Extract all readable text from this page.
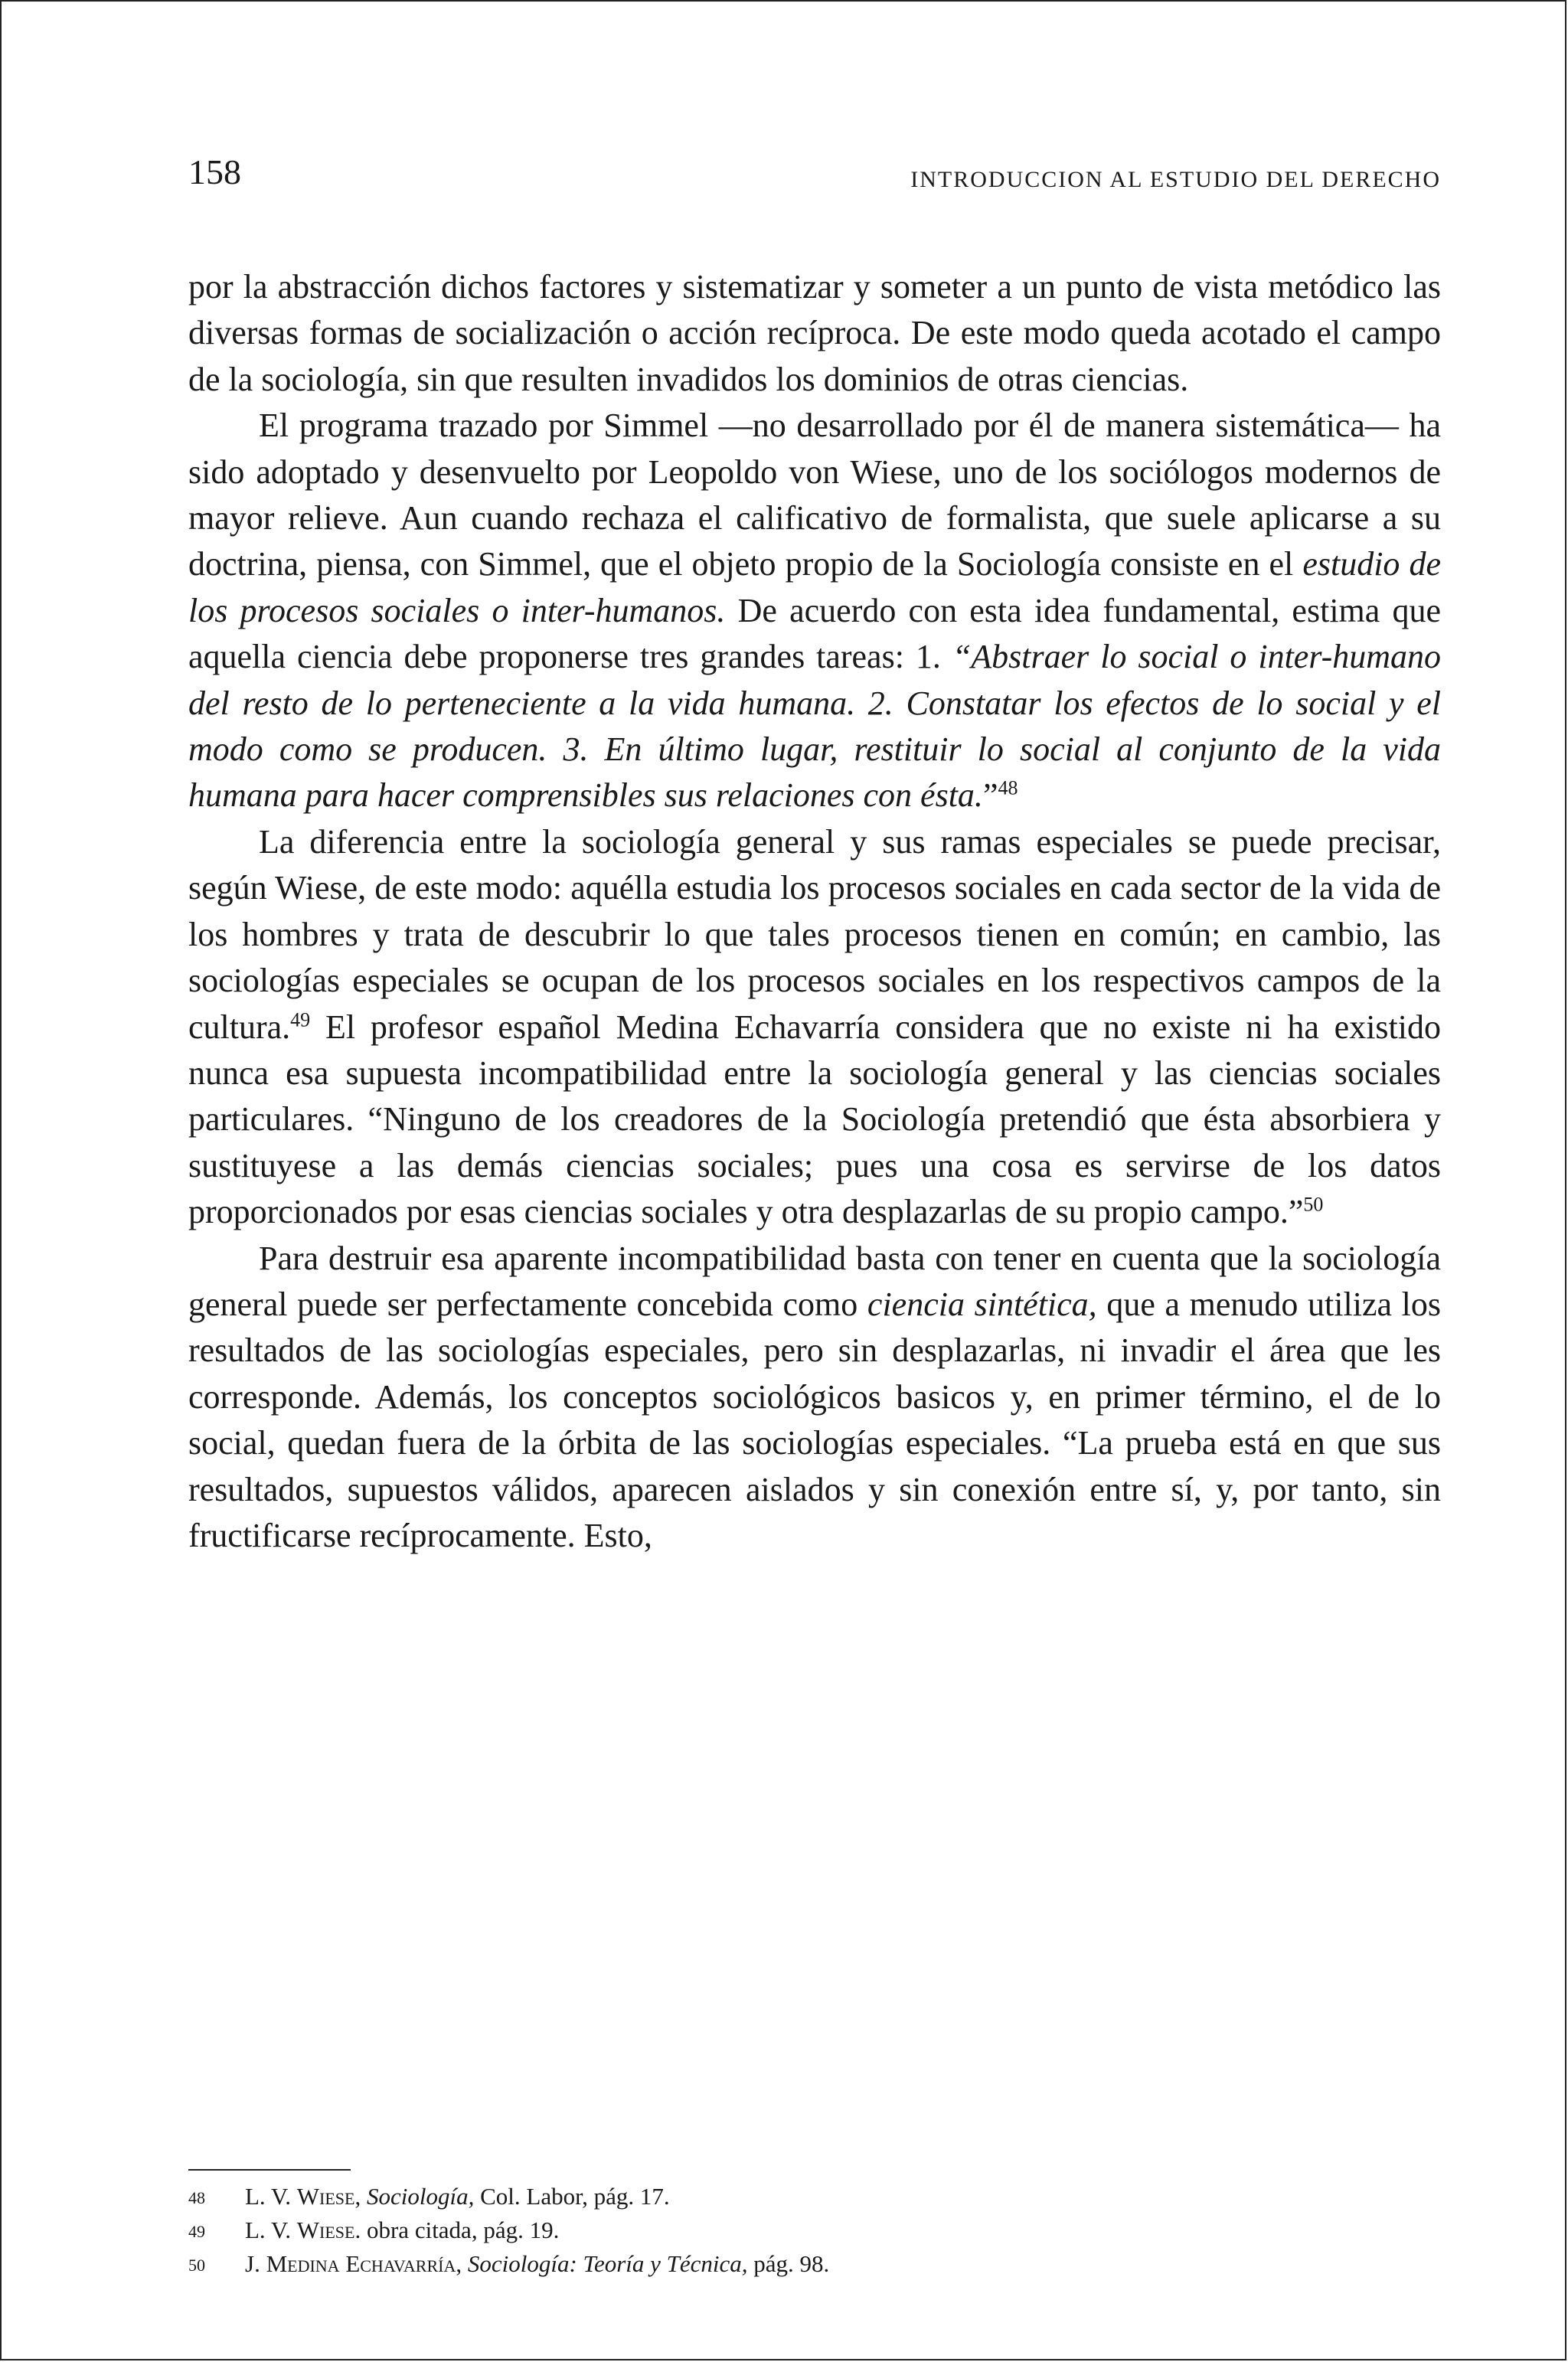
158	INTRODUCCION AL ESTUDIO DEL DERECHO

por la abstracción dichos factores y sistematizar y someter a un punto de vista metódico las diversas formas de socialización o acción recíproca. De este modo queda acotado el campo de la sociología, sin que resulten invadidos los dominios de otras ciencias.

El programa trazado por Simmel —no desarrollado por él de manera sistemática— ha sido adoptado y desenvuelto por Leopoldo von Wiese, uno de los sociólogos modernos de mayor relieve. Aun cuando rechaza el calificativo de formalista, que suele aplicarse a su doctrina, piensa, con Simmel, que el objeto propio de la Sociología consiste en el estudio de los procesos sociales o inter-humanos. De acuerdo con esta idea fundamental, estima que aquella ciencia debe proponerse tres grandes tareas: 1. “Abstraer lo social o inter-humano del resto de lo perteneciente a la vida humana. 2. Constatar los efectos de lo social y el modo como se producen. 3. En último lugar, restituir lo social al conjunto de la vida humana para hacer comprensibles sus relaciones con ésta.”$^{48}$

La diferencia entre la sociología general y sus ramas especiales se puede precisar, según Wiese, de este modo: aquélla estudia los procesos sociales en cada sector de la vida de los hombres y trata de descubrir lo que tales procesos tienen en común; en cambio, las sociologías especiales se ocupan de los procesos sociales en los respectivos campos de la cultura.$^{49}$ El profesor español Medina Echavarría considera que no existe ni ha existido nunca esa supuesta incompatibilidad entre la sociología general y las ciencias sociales particulares. “Ninguno de los creadores de la Sociología pretendió que ésta absorbiera y sustituyese a las demás ciencias sociales; pues una cosa es servirse de los datos proporcionados por esas ciencias sociales y otra desplazarlas de su propio campo.”$^{50}$

Para destruir esa aparente incompatibilidad basta con tener en cuenta que la sociología general puede ser perfectamente concebida como ciencia sintética, que a menudo utiliza los resultados de las sociologías especiales, pero sin desplazarlas, ni invadir el área que les corresponde. Además, los conceptos sociológicos basicos y, en primer término, el de lo social, quedan fuera de la órbita de las sociologías especiales. “La prueba está en que sus resultados, supuestos válidos, aparecen aislados y sin conexión entre sí, y, por tanto, sin fructificarse recíprocamente. Esto,

48	L. V. Wiese, Sociología, Col. Labor, pág. 17.
49	L. V. Wiese. obra citada, pág. 19.
50	J. Medina Echavarría, Sociología: Teoría y Técnica, pág. 98.
